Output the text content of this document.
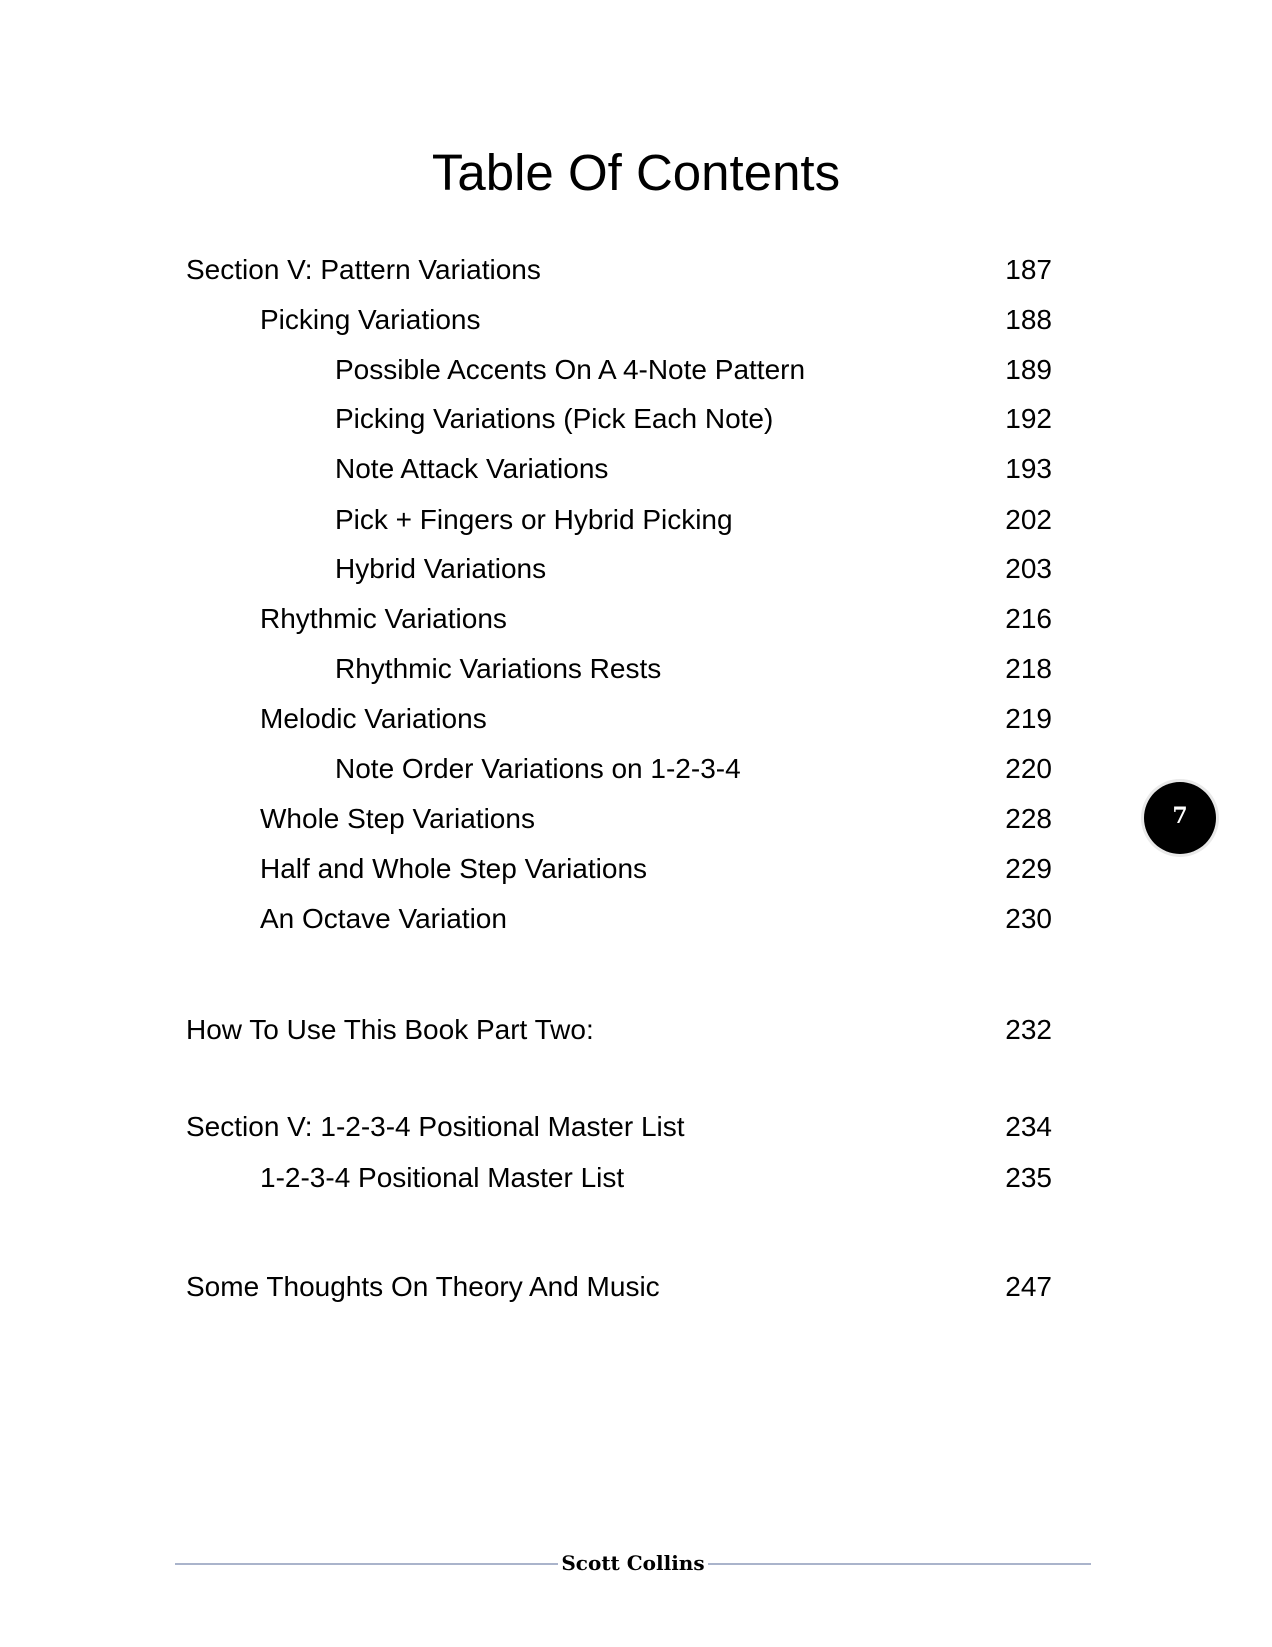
Table Of Contents
Section V: Pattern Variations	187
Picking Variations	188
Possible Accents On A 4-Note Pattern	189
Picking Variations (Pick Each Note)	192
Note Attack Variations	193
Pick + Fingers or Hybrid Picking	202
Hybrid Variations	203
Rhythmic Variations	216
Rhythmic Variations Rests	218
Melodic Variations	219
Note Order Variations on 1-2-3-4	220
Whole Step Variations	228
Half and Whole Step Variations	229
An Octave Variation	230
How To Use This Book Part Two:	232
Section V: 1-2-3-4 Positional Master List	234
1-2-3-4 Positional Master List	235
Some Thoughts On Theory And Music	247
7
Scott Collins
